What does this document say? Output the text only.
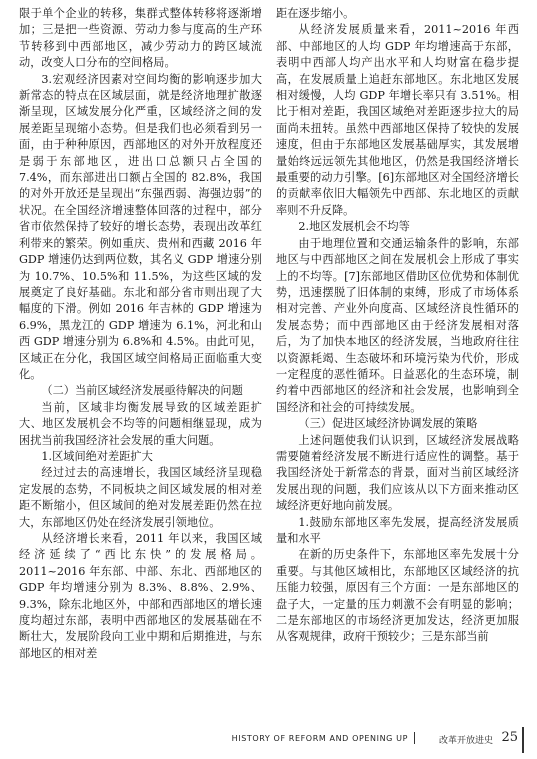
限于单个企业的转移，集群式整体转移将逐渐增加；三是把一些资源、劳动力参与度高的生产环节转移到中西部地区，减少劳动力的跨区域流动，改变人口分布的空间格局。

3.宏观经济因素对空间均衡的影响逐步加大新常态的特点在区域层面，就是经济地理扩散逐渐呈现，区域发展分化严重，区域经济之间的发展差距呈现缩小态势。但是我们也必须看到另一面，由于种种原因，西部地区的对外开放程度还是弱于东部地区，进出口总额只占全国的 7.4%，而东部进出口额占全国的 82.8%，我国的对外开放还是呈现出“东强西弱、海强边弱”的状况。在全国经济增速整体回落的过程中，部分省市依然保持了较好的增长态势，表现出改革红利带来的繁荣。例如重庆、贵州和西藏 2016 年 GDP 增速仍达到两位数，其名义 GDP 增速分别为 10.7%、10.5%和 11.5%，为这些区域的发展奠定了良好基础。东北和部分省市则出现了大幅度的下滑。例如 2016 年吉林的 GDP 增速为 6.9%，黑龙江的 GDP 增速为 6.1%，河北和山西 GDP 增速分别为 6.8%和 4.5%。由此可见，区域正在分化，我国区域空间格局正面临重大变化。

（二）当前区域经济发展亟待解决的问题

当前，区域非均衡发展导致的区域差距扩大、地区发展机会不均等的问题相继显现，成为困扰当前我国经济社会发展的重大问题。

1.区域间绝对差距扩大

经过过去的高速增长，我国区域经济呈现稳定发展的态势，不同板块之间区域发展的相对差距不断缩小，但区域间的绝对发展差距仍然在拉大，东部地区仍处在经济发展引领地位。

从经济增长来看，2011 年以来，我国区域经济延续了“西比东快”的发展格局。2011~2016 年东部、中部、东北、西部地区的 GDP 年均增速分别为 8.3%、8.8%、2.9%、9.3%，除东北地区外，中部和西部地区的增长速度均超过东部，表明中西部地区的发展基础在不断壮大，发展阶段向工业中期和后期推进，与东部地区的相对差

距在逐步缩小。

从经济发展质量来看，2011~2016 年西部、中部地区的人均 GDP 年均增速高于东部，表明中西部人均产出水平和人均财富在稳步提高，在发展质量上追赶东部地区。东北地区发展相对缓慢，人均 GDP 年增长率只有 3.51%。相比于相对差距，我国区域绝对差距逐步拉大的局面尚未扭转。虽然中西部地区保持了较快的发展速度，但由于东部地区发展基础厚实，其发展增量始终远远领先其他地区，仍然是我国经济增长最重要的动力引擎。[6]东部地区对全国经济增长的贡献率依旧大幅领先中西部、东北地区的贡献率则不升反降。

2.地区发展机会不均等

由于地理位置和交通运输条件的影响，东部地区与中西部地区之间在发展机会上形成了事实上的不均等。[7]东部地区借助区位优势和体制优势，迅速摆脱了旧体制的束缚，形成了市场体系相对完善、产业外向度高、区域经济良性循环的发展态势；而中西部地区由于经济发展相对落后，为了加快本地区的经济发展，当地政府往往以资源耗竭、生态破坏和环境污染为代价，形成一定程度的恶性循环。日益恶化的生态环境，制约着中西部地区的经济和社会发展，也影响到全国经济和社会的可持续发展。

（三）促进区域经济协调发展的策略

上述问题使我们认识到，区域经济发展战略需要随着经济发展不断进行适应性的调整。基于我国经济处于新常态的背景，面对当前区域经济发展出现的问题，我们应该从以下方面来推动区域经济更好地向前发展。

1.鼓励东部地区率先发展，提高经济发展质量和水平

在新的历史条件下，东部地区率先发展十分重要。与其他区域相比，东部地区区域经济的抗压能力较强，原因有三个方面：一是东部地区的盘子大，一定量的压力刺激不会有明显的影响；二是东部地区的市场经济更加发达，经济更加服从客观规律，政府干预较少；三是东部当前

HISTORY OF REFORM AND OPENING UP	改革开放进史 25
